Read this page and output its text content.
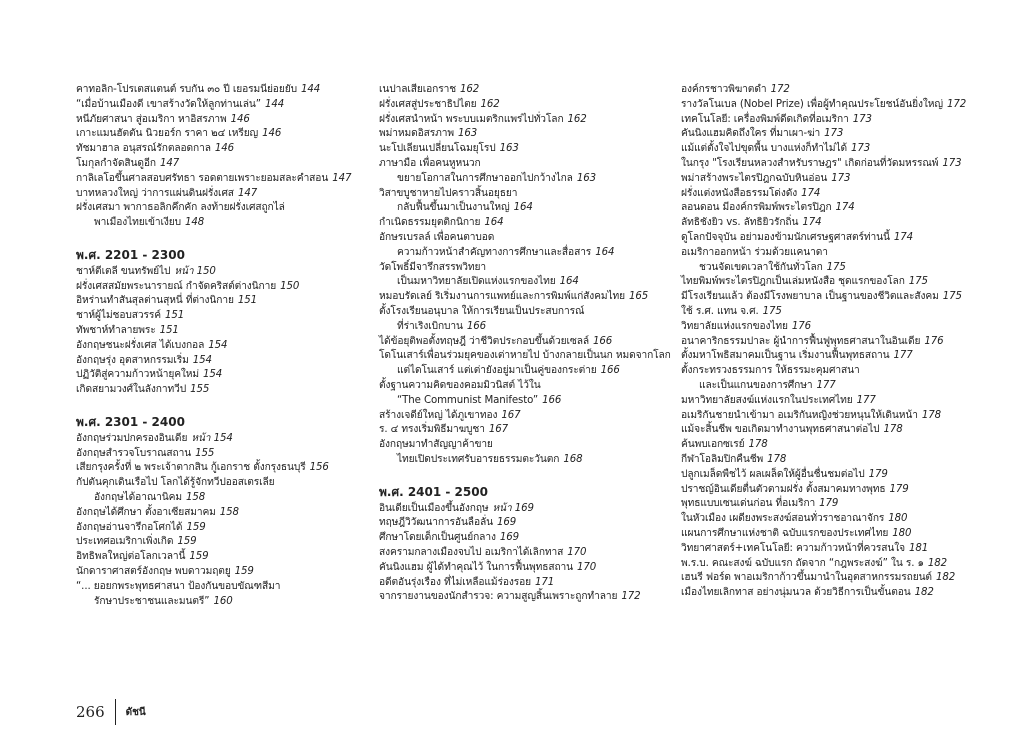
คาทอลิก-โปรเตสแตนต์ รบกัน ๓๐ ปี เยอรมนีย่อยยับ 144
“เมื่อบ้านเมืองดี เขาสร้างวัดให้ลูกท่านเล่น” 144
หนีภัยศาสนา สู่อเมริกา หาอิสรภาพ 146
เกาะแมนฮัตตัน นิวยอร์ก ราคา ๒๔ เหรียญ 146
ทัชมาฮาล อนุสรณ์รักตลอดกาล 146
โมกุลกำจัดสินดูอีก 147
กาลิเลโอขึ้นศาลสอบศรัทธา รอดตายเพราะยอมสละคำสอน 147
บาทหลวงใหญ่ ว่าการแผ่นดินฝรั่งเศส 147
ฝรั่งเศสมา พากาธอลิกคึกคัก ลงท้ายฝรั่งเศสถูกไล่
พาเมืองไทยเข้าเงียบ 148
พ.ศ. 2201 - 2300
ชาห์ตีเตลี ขนทรัพย์ไป หน้า 150
ฝรั่งเศสสมัยพระนารายณ์ กำจัดคริสต์ต่างนิกาย 150
อิหร่านทำสันสุลต่านสุหนี่ ที่ต่างนิกาย 151
ชาห์ผู้ไม่ชอบสวรรค์ 151
ทัพชาห์ทำลายพระ 151
อังกฤษชนะฝรั่งเศส ได้เบงกอล 154
อังกฤษรุ่ง อุตสาหกรรมเริ่ม 154
ปฏิวัติสู่ความก้าวหน้ายุคใหม่ 154
เกิดสยามวงศ์ในลังกาทวีป 155
พ.ศ. 2301 - 2400
อังกฤษร่วมปกครองอินเดีย หน้า 154
อังกฤษสำรวจโบราณสถาน 155
เสียกรุงครั้งที่ ๒ พระเจ้าตากสิน กู้เอกราช ตั้งกรุงธนบุรี 156
กัปตันคุกเดินเรือไป โลกได้รู้จักทวีปออสเตรเลีย
อังกฤษได้อาณานิคม 158
อังกฤษได้ศึกษา ตั้งอาเซียสมาคม 158
อังกฤษอ่านจารึกอโศกได้ 159
ประเทศอเมริกาเพิ่งเกิด 159
อิทธิพลใหญ่ต่อโลกเวลานี้ 159
นักดาราศาสตร์อังกฤษ พบดาวมฤตยู 159
“... ยอยกพระพุทธศาสนา ป้องกันขอบขัณฑสีมา
รักษาประชาชนและมนตรี” 160
เนปาลเสียเอกราช 162
ฝรั่งเศสสู่ประชาธิปไตย 162
ฝรั่งเศสนำหน้า พระบบเมตริกแพร่ไปทั่วโลก 162
พม่าหมดอิสรภาพ 163
นะโปเลียนเปลี่ยนโฉมยุโรป 163
ภาษามือ เพื่อคนหูหนวก
ขยายโอกาสในการศึกษาออกไปกว้างไกล 163
วิสาขบูชาหายไปคราวสิ้นอยุธยา
กลับฟื้นขึ้นมาเป็นงานใหญ่ 164
กำเนิดธรรมยุตติกนิกาย 164
อักษรเบรลล์ เพื่อคนตาบอด
ความก้าวหน้าสำคัญทางการศึกษาและสื่อสาร 164
วัดโพธิ์มีจารึกสรรพวิทยา
เป็นมหาวิทยาลัยเปิดแห่งแรกของไทย 164
หมอบรัดเลย์ ริเริ่มงานการแพทย์และการพิมพ์แก่สังคมไทย 165
ตั้งโรงเรียนอนุบาล ให้การเรียนเป็นประสบการณ์
ที่ร่าเริงเบิกบาน 166
ได้ข้อยุติพอตั้งทฤษฎี ว่าชีวิตประกอบขึ้นด้วยเซลล์ 166
โดโนเสาร์เพื่อนร่วมยุคของเต่าหายไป บ้างกลายเป็นนก หมดจากโลก
แต่ไดโนเสาร์ แต่เต่ายังอยู่มาเป็นคู่ของกระต่าย 166
ตั้งฐานความคิดของคอมมิวนิสต์ ไว้ใน
“The Communist Manifesto” 166
สร้างเจดีย์ใหญ่ ได้ภูเขาทอง 167
ร. ๔ ทรงเริ่มพิธีมาฆบูชา 167
อังกฤษมาทำสัญญาค้าขาย
ไทยเปิดประเทศรับอารยธรรมตะวันตก 168
พ.ศ. 2401 - 2500
อินเดียเป็นเมืองขึ้นอังกฤษ หน้า 169
ทฤษฎีวิวัฒนาการอันลือลั่น 169
ศึกษาโดยเด็กเป็นศูนย์กลาง 169
สงครามกลางเมืองจบไป อเมริกาได้เลิกทาส 170
คันนิงแฮม ผู้ได้ทำคุณไว้ ในการฟื้นพุทธสถาน 170
อดีตอันรุ่งเรือง ที่ไม่เหลือแม้ร่องรอย 171
จากรายงานของนักสำรวจ: ความสูญสิ้นเพราะถูกทำลาย 172
องค์กรชาวพิฆาตดำ 172
รางวัลโนเบล (Nobel Prize) เพื่อผู้ทำคุณประโยชน์อันยิ่งใหญ่ 172
เทคโนโลยี: เครื่องพิมพ์ดีดเกิดที่อเมริกา 173
คันนิงแฮมคิดถึงใคร ที่มาเผา-ฆ่า 173
แม้แต่ตั้งใจไปขุดพื้น บางแห่งก็ทำไม่ได้ 173
ในกรุง "โรงเรียนหลวงสำหรับราษฎร" เกิดก่อนที่วัดมหรรณพ์ 173
พม่าสร้างพระไตรปิฎกฉบับหินอ่อน 173
ฝรั่งแต่งหนังสือธรรมโด่งดัง 174
ลอนดอน มีองค์กรพิมพ์พระไตรปิฎก 174
ลัทธิชังยิว vs. ลัทธิยิวรักถิ่น 174
ดูโลกปัจจุบัน อย่ามองข้ามนักเศรษฐศาสตร์ท่านนี้ 174
อเมริกาออกหน้า ร่วมด้วยแคนาดา
ชวนจัดเขตเวลาใช้กันทั่วโลก 175
ไทยพิมพ์พระไตรปิฎกเป็นเล่มหนังสือ ชุดแรกของโลก 175
มีโรงเรียนแล้ว ต้องมีโรงพยาบาล เป็นฐานของชีวิตและสังคม 175
ใช้ ร.ศ. แทน จ.ศ. 175
วิทยาลัยแห่งแรกของไทย 176
อนาคาริกธรรมปาละ ผู้นำการฟื้นฟูพุทธศาสนาในอินเดีย 176
ตั้งมหาโพธิสมาคมเป็นฐาน เริ่มงานฟื้นพุทธสถาน 177
ตั้งกระทรวงธรรมการ ให้ธรรมะคุมศาสนา
และเป็นแกนของการศึกษา 177
มหาวิทยาลัยสงฆ์แห่งแรกในประเทศไทย 177
อเมริกันชายนำเข้ามา อเมริกันหญิงช่วยหนุนให้เดินหน้า 178
แม้จะสิ้นชีพ ขอเกิดมาทำงานพุทธศาสนาต่อไป 178
ค้นพบเอกซเรย์ 178
กีฬาโอลิมปิกคืนชีพ 178
ปลูกเมล็ดพืชไว้ ผลเผล็ดให้ผู้อื่นชื่นชมต่อไป 179
ปราชญ์อินเดียตื่นตัวตามฝรั่ง ตั้งสมาคมทางพุทธ 179
พุทธแบบเซนเด่นก่อน ที่อเมริกา 179
ในหัวเมือง เผดียงพระสงฆ์สอนทั่วราชอาณาจักร 180
แผนการศึกษาแห่งชาติ ฉบับแรกของประเทศไทย 180
วิทยาศาสตร์+เทคโนโลยี: ความก้าวหน้าที่ควรสนใจ 181
พ.ร.บ. คณะสงฆ์ ฉบับแรก ถัดจาก “กฎพระสงฆ์” ใน ร. ๑ 182
เฮนรี ฟอร์ด พาอเมริกาก้าวขึ้นมานำในอุตสาหกรรมรถยนต์ 182
เมืองไทยเลิกทาส อย่างนุ่มนวล ด้วยวิธีการเป็นขั้นตอน 182
266 ดัชนี
